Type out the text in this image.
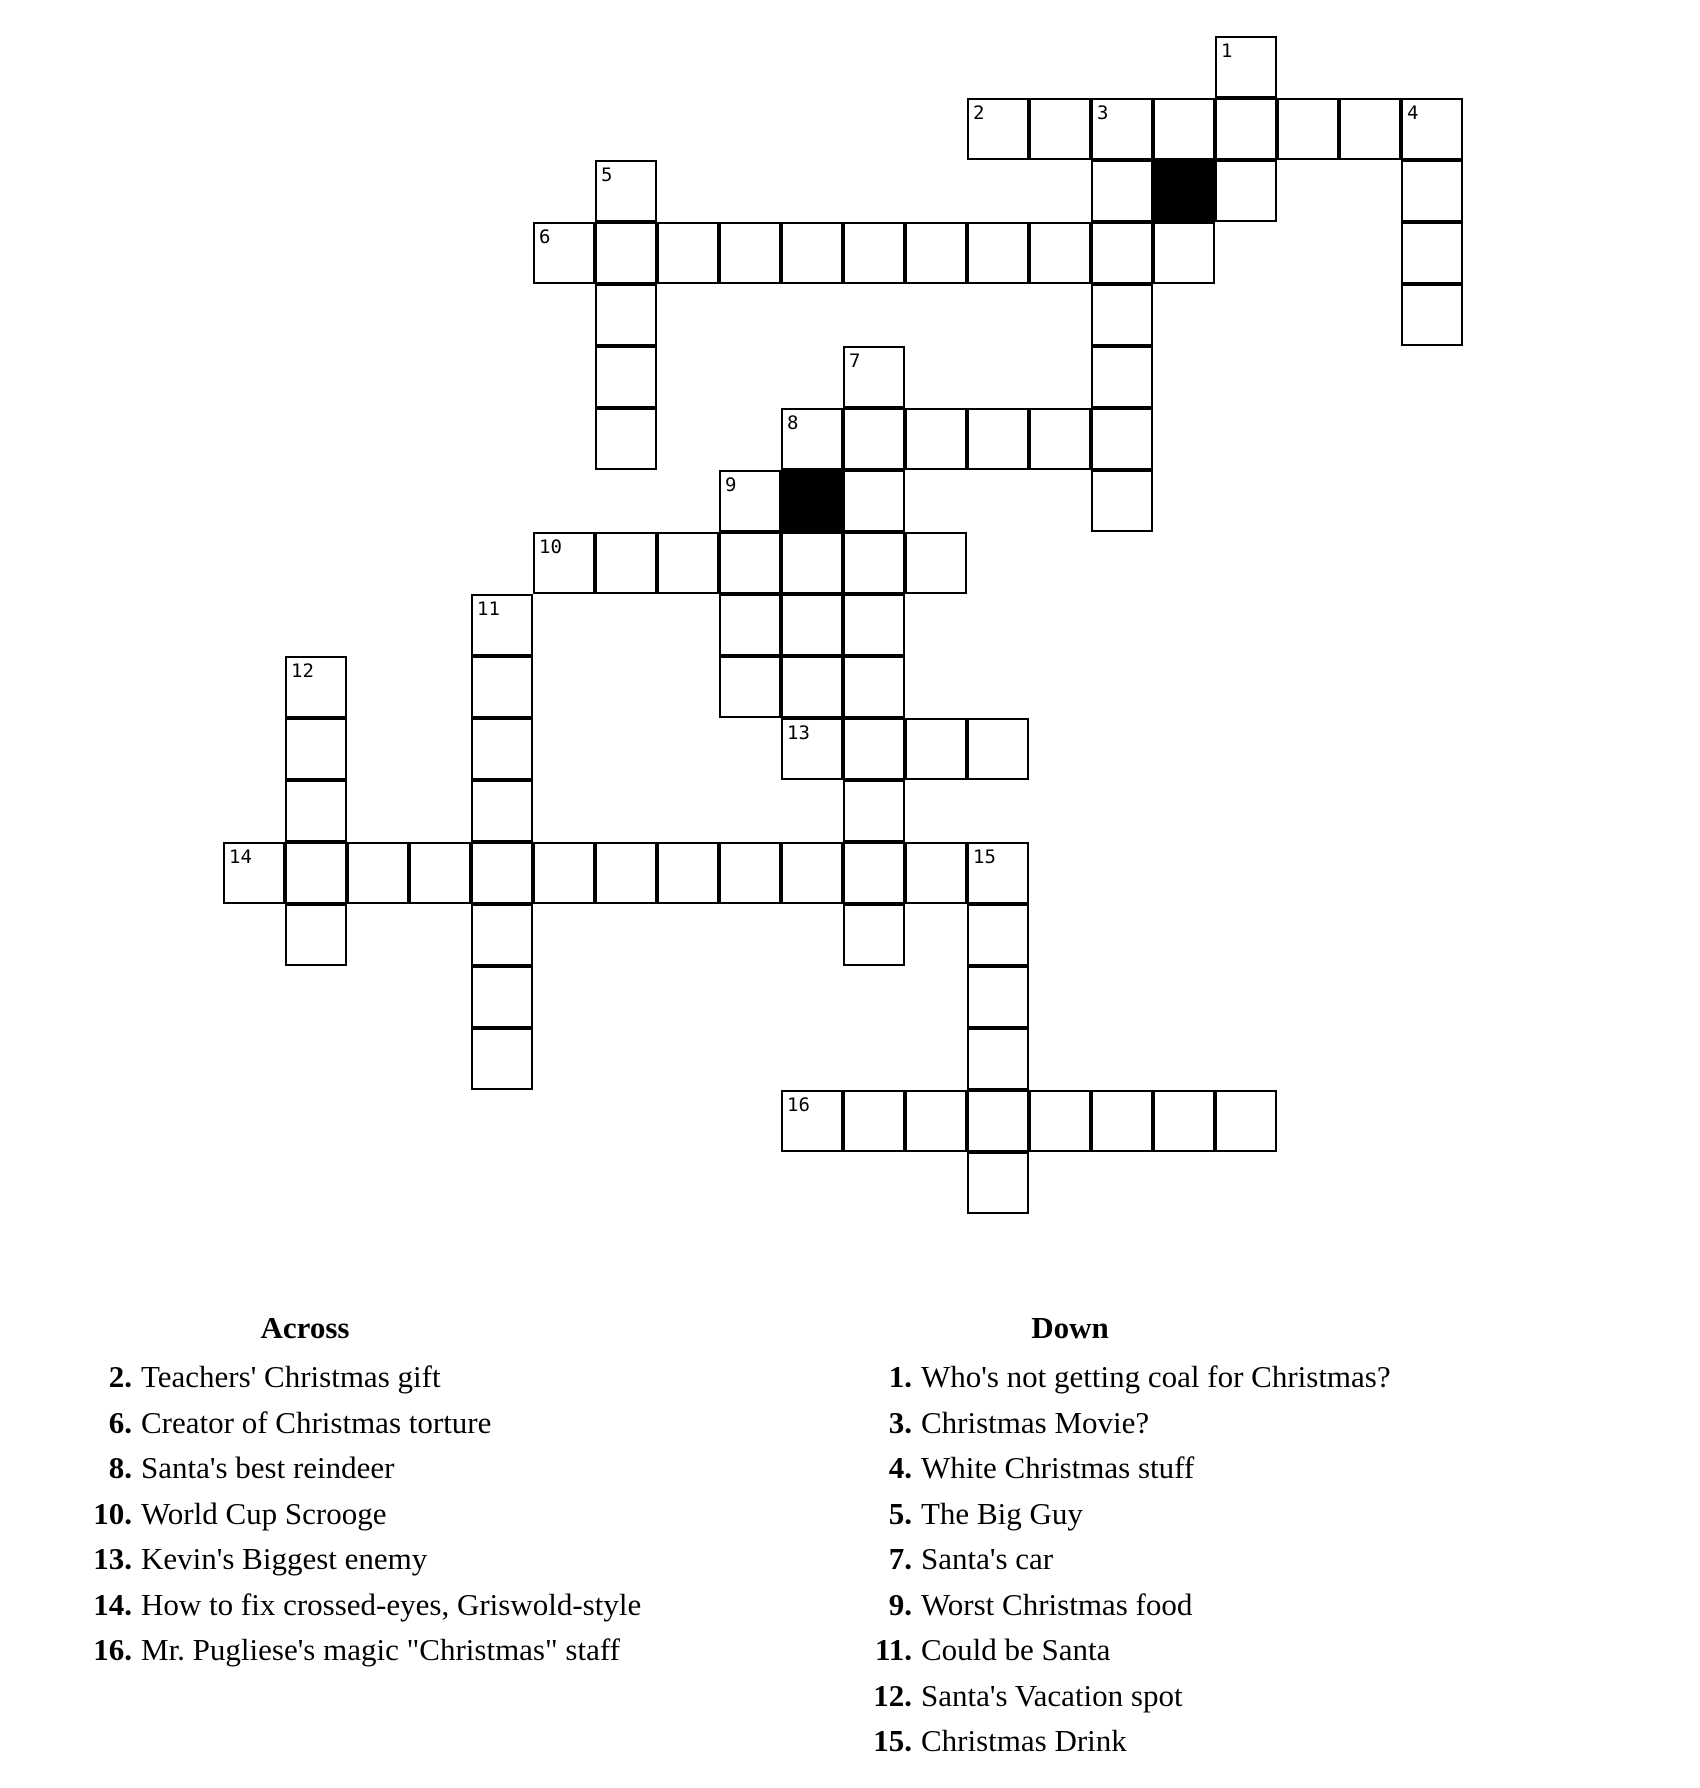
1
2	3	4
5
6
7
8
9
10
11
12
13
14	15
16
Across
2. Teachers' Christmas gift
6. Creator of Christmas torture
8. Santa's best reindeer
10. World Cup Scrooge
13. Kevin's Biggest enemy
14. How to fix crossed-eyes, Griswold-style
16. Mr. Pugliese's magic "Christmas" staff
Down
1. Who's not getting coal for Christmas?
3. Christmas Movie?
4. White Christmas stuff
5. The Big Guy
7. Santa's car
9. Worst Christmas food
11. Could be Santa
12. Santa's Vacation spot
15. Christmas Drink
